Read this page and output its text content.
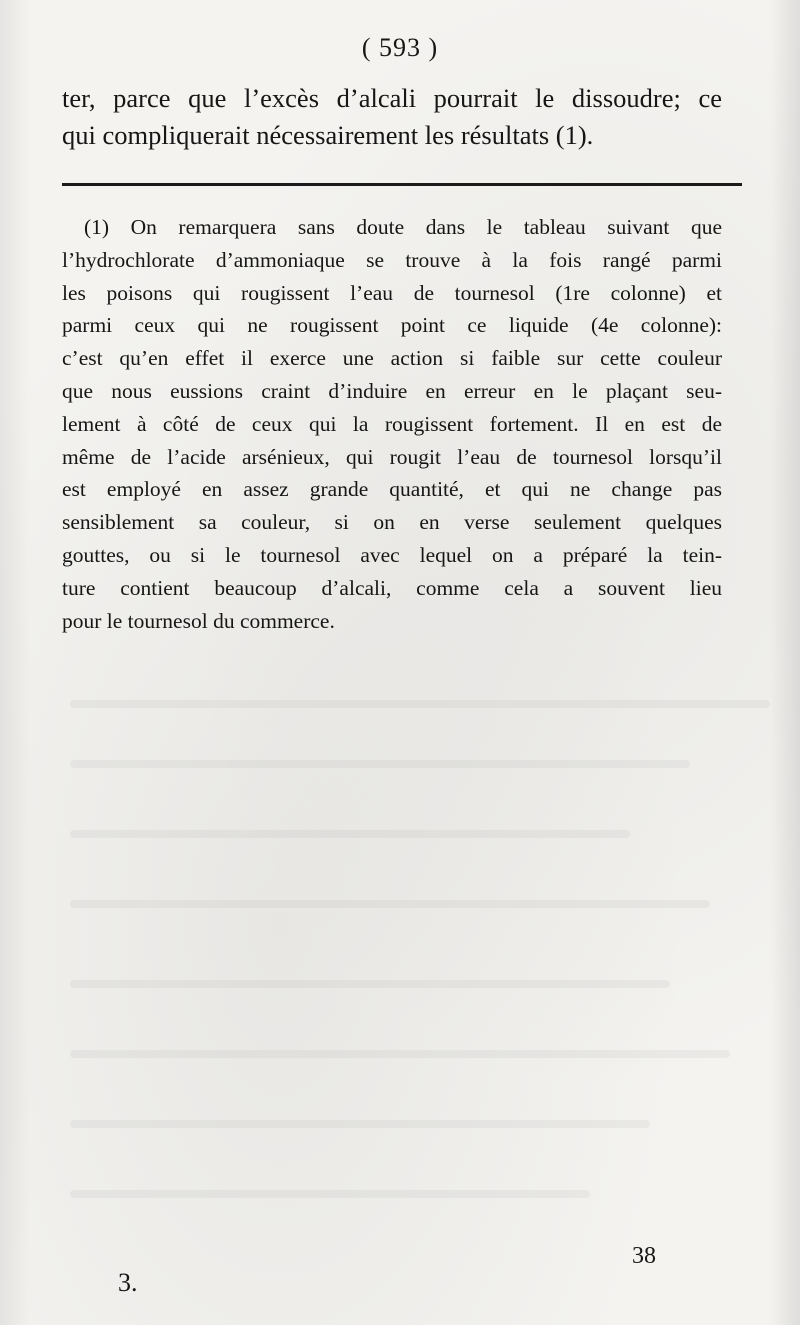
( 593 )
ter, parce que l’excès d’alcali pourrait le dissoudre; ce
qui compliquerait nécessairement les résultats (1).
(1) On remarquera sans doute dans le tableau suivant que
l’hydrochlorate d’ammoniaque se trouve à la fois rangé parmi
les poisons qui rougissent l’eau de tournesol (1re colonne) et
parmi ceux qui ne rougissent point ce liquide (4e colonne):
c’est qu’en effet il exerce une action si faible sur cette couleur
que nous eussions craint d’induire en erreur en le plaçant seu-
lement à côté de ceux qui la rougissent fortement. Il en est de
même de l’acide arsénieux, qui rougit l’eau de tournesol lorsqu’il
est employé en assez grande quantité, et qui ne change pas
sensiblement sa couleur, si on en verse seulement quelques
gouttes, ou si le tournesol avec lequel on a préparé la tein-
ture contient beaucoup d’alcali, comme cela a souvent lieu
pour le tournesol du commerce.
3.
38
